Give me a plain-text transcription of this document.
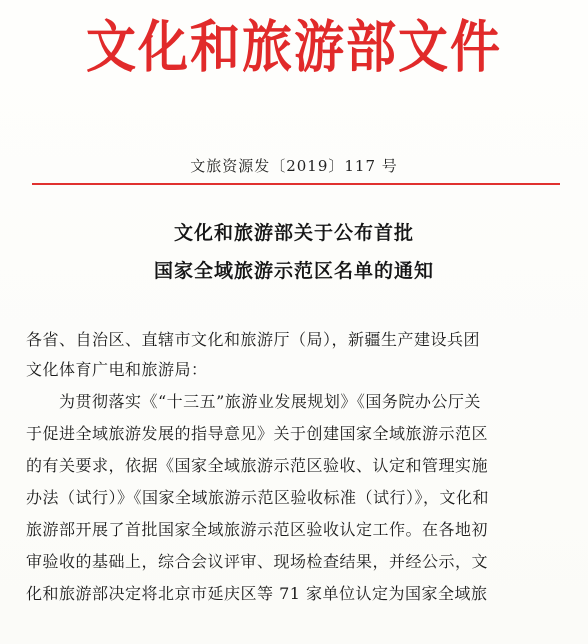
文化和旅游部文件
文旅资源发〔2019〕117 号
文化和旅游部关于公布首批
国家全域旅游示范区名单的通知
各省、自治区、直辖市文化和旅游厅（局），新疆生产建设兵团
文化体育广电和旅游局：
　　为贯彻落实《“十三五”旅游业发展规划》《国务院办公厅关
于促进全域旅游发展的指导意见》关于创建国家全域旅游示范区
的有关要求，依据《国家全域旅游示范区验收、认定和管理实施
办法（试行）》《国家全域旅游示范区验收标准（试行）》，文化和
旅游部开展了首批国家全域旅游示范区验收认定工作。在各地初
审验收的基础上，综合会议评审、现场检查结果，并经公示，文
化和旅游部决定将北京市延庆区等 71 家单位认定为国家全域旅
